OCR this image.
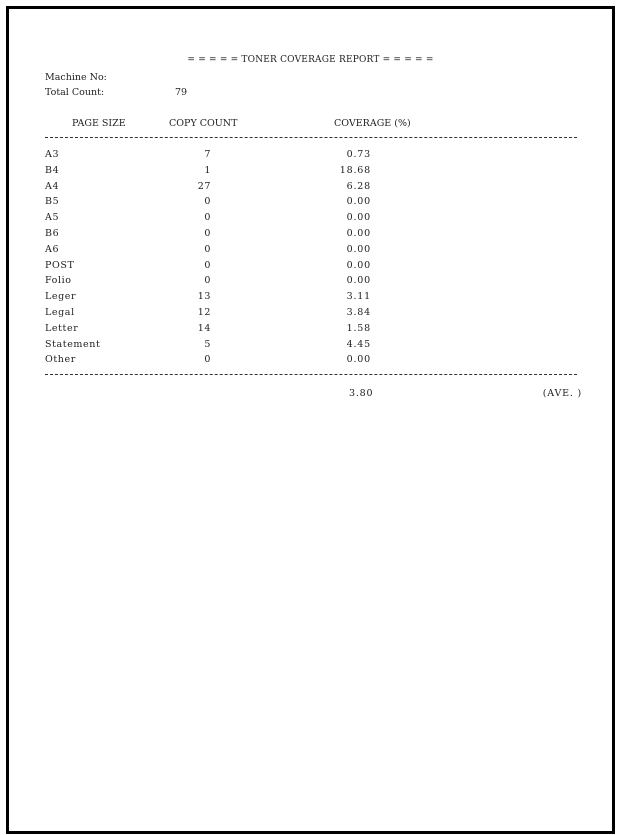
= = = = = TONER COVERAGE REPORT = = = = =
Machine No:
Total Count:	79
PAGE SIZE	COPY COUNT	COVERAGE (%)
A3	7	0.73
B4	1	18.68
A4	27	6.28
B5	0	0.00
A5	0	0.00
B6	0	0.00
A6	0	0.00
POST	0	0.00
Folio	0	0.00
Leger	13	3.11
Legal	12	3.84
Letter	14	1.58
Statement	5	4.45
Other	0	0.00
3.80	(AVE. )
